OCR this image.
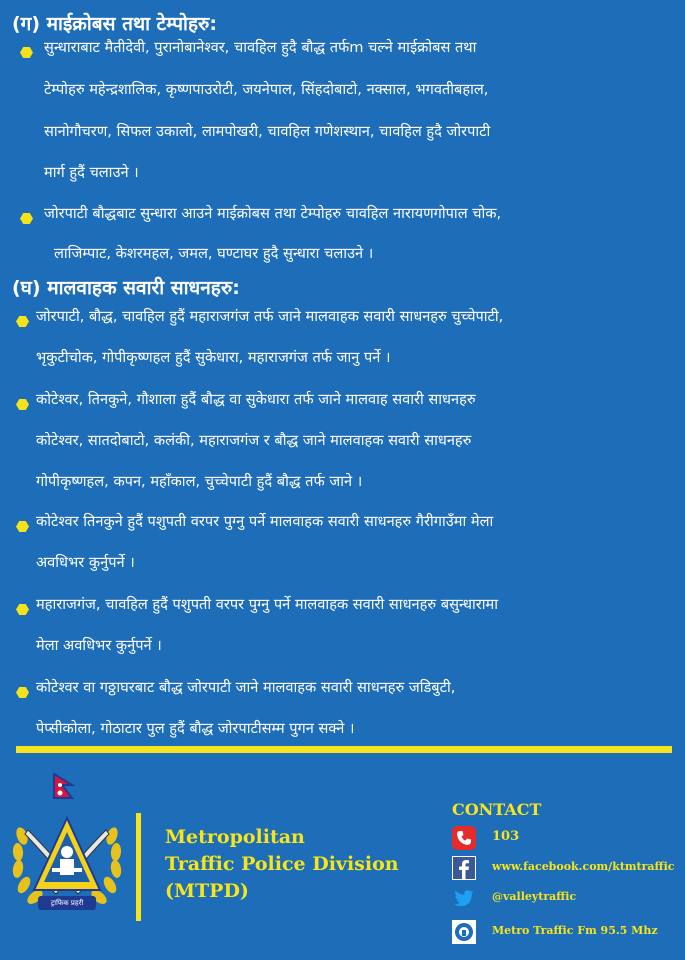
(ग) माईक्रोबस तथा टेम्पोहरु:
सुन्धाराबाट मैतीदेवी, पुरानोबानेश्वर, चावहिल हुदै बौद्ध तर्फm चल्ने माईक्रोबस तथा
टेम्पोहरु महेन्द्रशालिक, कृष्णपाउरोटी, जयनेपाल, सिंहदोबाटो, नक्साल, भगवतीबहाल,
सानोगौचरण, सिफल उकालो, लामपोखरी, चावहिल गणेशस्थान, चावहिल हुदै जोरपाटी
मार्ग हुदैं चलाउने ।
जोरपाटी बौद्धबाट सुन्धारा आउने माईक्रोबस तथा टेम्पोहरु चावहिल नारायणगोपाल चोक,
लाजिम्पाट, केशरमहल, जमल, घण्टाघर हुदै सुन्धारा चलाउने ।
(घ) मालवाहक सवारी साधनहरु:
जोरपाटी, बौद्ध, चावहिल हुदैं महाराजगंज तर्फ जाने मालवाहक सवारी साधनहरु चुच्चेपाटी,
भृकुटीचोक, गोपीकृष्णहल हुदैं सुकेधारा, महाराजगंज तर्फ जानु पर्ने ।
कोटेश्वर, तिनकुने, गौशाला हुदैं बौद्ध वा सुकेधारा तर्फ जाने मालवाह सवारी साधनहरु
कोटेश्वर, सातदोबाटो, कलंकी, महाराजगंज र बौद्ध जाने मालवाहक सवारी साधनहरु
गोपीकृष्णहल, कपन, महाँकाल, चुच्चेपाटी हुदैं बौद्ध तर्फ जाने ।
कोटेश्वर तिनकुने हुदैं पशुपती वरपर पुग्नु पर्ने मालवाहक सवारी साधनहरु गैरीगाउँमा मेला
अवधिभर कुर्नुपर्ने ।
महाराजगंज, चावहिल हुदैं पशुपती वरपर पुग्नु पर्ने मालवाहक सवारी साधनहरु बसुन्धारामा
मेला अवधिभर कुर्नुपर्ने ।
कोटेश्वर वा गठ्ठाघरबाट बौद्ध जोरपाटी जाने मालवाहक सवारी साधनहरु जडिबुटी,
पेप्सीकोला, गोठाटार पुल हुदैं बौद्ध जोरपाटीसम्म पुगन सक्ने ।
ट्राफिक प्रहरी
Metropolitan
Traffic Police Division
(MTPD)
CONTACT
103
www.facebook.com/ktmtraffic
@valleytraffic
Metro Traffic Fm 95.5 Mhz
